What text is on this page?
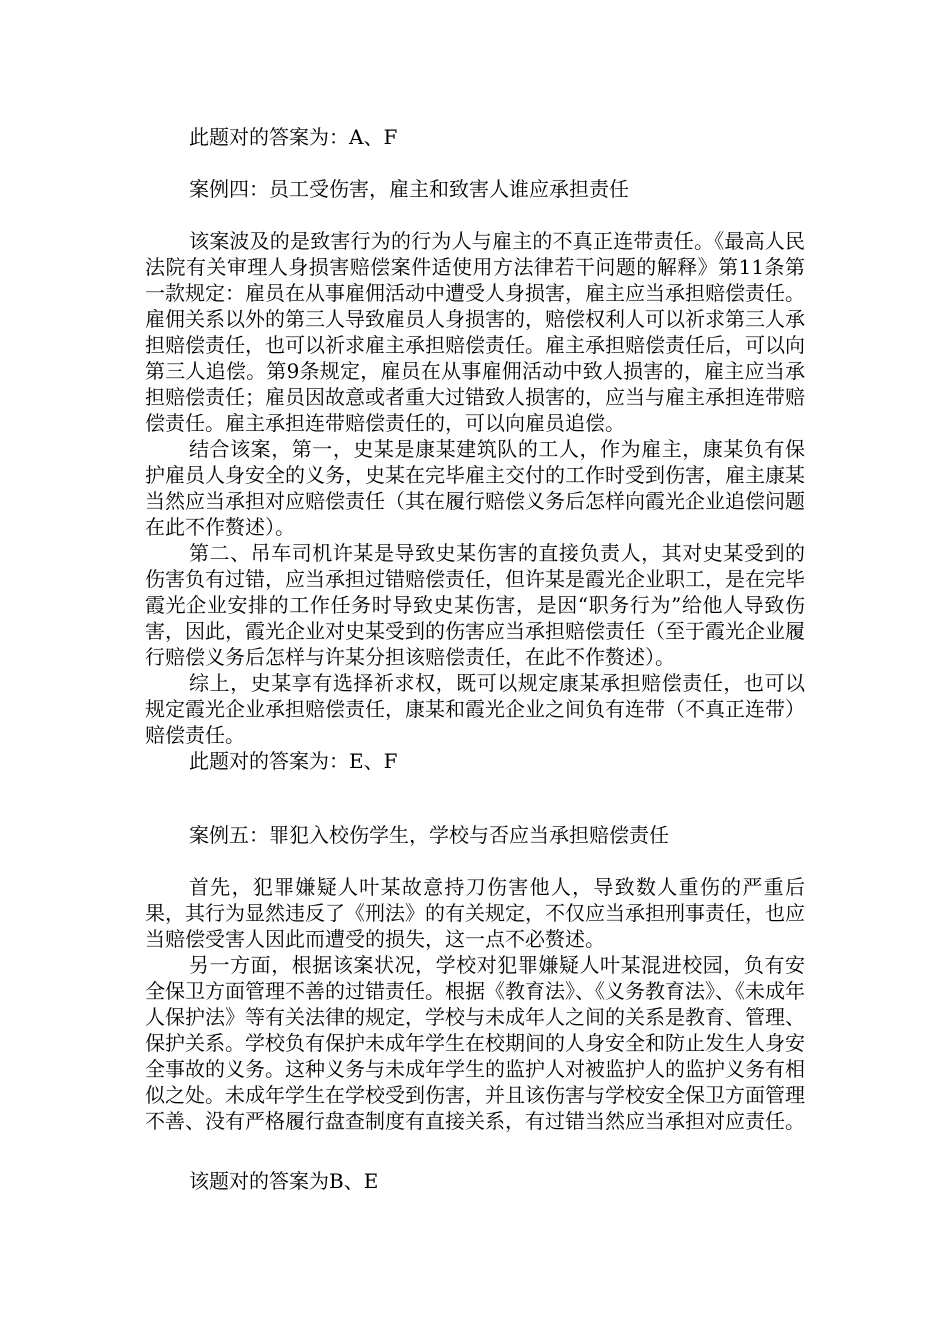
此题对的答案为：A、F

案例四：员工受伤害，雇主和致害人谁应承担责任

该案波及的是致害行为的行为人与雇主的不真正连带责任。《最高人民法院有关审理人身损害赔偿案件适使用方法律若干问题的解释》第11条第一款规定：雇员在从事雇佣活动中遭受人身损害，雇主应当承担赔偿责任。雇佣关系以外的第三人导致雇员人身损害的，赔偿权利人可以祈求第三人承担赔偿责任，也可以祈求雇主承担赔偿责任。雇主承担赔偿责任后，可以向第三人追偿。第9条规定，雇员在从事雇佣活动中致人损害的，雇主应当承担赔偿责任；雇员因故意或者重大过错致人损害的，应当与雇主承担连带赔偿责任。雇主承担连带赔偿责任的，可以向雇员追偿。

结合该案，第一，史某是康某建筑队的工人，作为雇主，康某负有保护雇员人身安全的义务，史某在完毕雇主交付的工作时受到伤害，雇主康某当然应当承担对应赔偿责任（其在履行赔偿义务后怎样向霞光企业追偿问题在此不作赘述）。

第二、吊车司机许某是导致史某伤害的直接负责人，其对史某受到的伤害负有过错，应当承担过错赔偿责任，但许某是霞光企业职工，是在完毕霞光企业安排的工作任务时导致史某伤害，是因“职务行为”给他人导致伤害，因此，霞光企业对史某受到的伤害应当承担赔偿责任（至于霞光企业履行赔偿义务后怎样与许某分担该赔偿责任，在此不作赘述）。

综上，史某享有选择祈求权，既可以规定康某承担赔偿责任，也可以规定霞光企业承担赔偿责任，康某和霞光企业之间负有连带（不真正连带）赔偿责任。

此题对的答案为：E、F

案例五：罪犯入校伤学生，学校与否应当承担赔偿责任

首先，犯罪嫌疑人叶某故意持刀伤害他人，导致数人重伤的严重后果，其行为显然违反了《刑法》的有关规定，不仅应当承担刑事责任，也应当赔偿受害人因此而遭受的损失，这一点不必赘述。

另一方面，根据该案状况，学校对犯罪嫌疑人叶某混进校园，负有安全保卫方面管理不善的过错责任。根据《教育法》、《义务教育法》、《未成年人保护法》等有关法律的规定，学校与未成年人之间的关系是教育、管理、保护关系。学校负有保护未成年学生在校期间的人身安全和防止发生人身安全事故的义务。这种义务与未成年学生的监护人对被监护人的监护义务有相似之处。未成年学生在学校受到伤害，并且该伤害与学校安全保卫方面管理不善、没有严格履行盘查制度有直接关系，有过错当然应当承担对应责任。

该题对的答案为B、E
